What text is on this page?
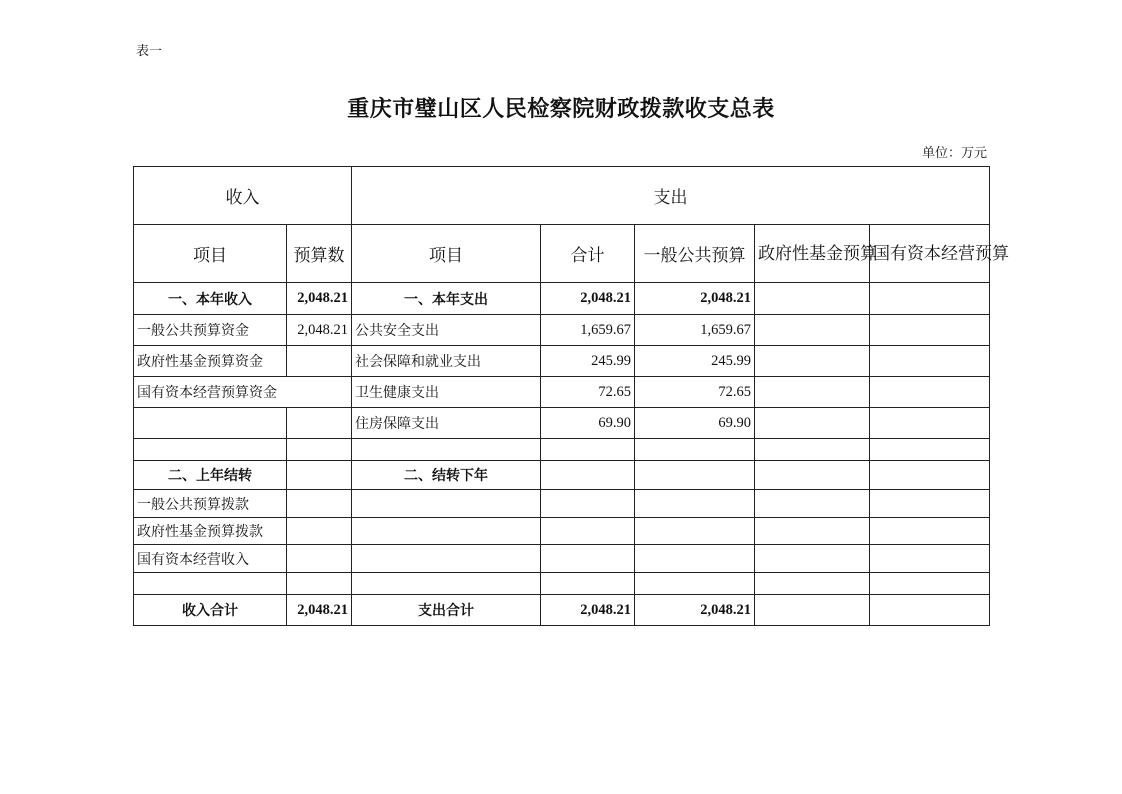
表一
重庆市璧山区人民检察院财政拨款收支总表
单位：万元
收入		支出				
项目	预算数	项目	合计	一般公共预算	政府性基金预算	国有资本经营预算
一、本年收入	2,048.21	一、本年支出	2,048.21	2,048.21		
一般公共预算资金	2,048.21	公共安全支出	1,659.67	1,659.67		
政府性基金预算资金		社会保障和就业支出	245.99	245.99		
国有资本经营预算资金		卫生健康支出	72.65	72.65		
		住房保障支出	69.90	69.90		

二、上年结转		二、结转下年				
一般公共预算拨款						
政府性基金预算拨款						
国有资本经营收入						

收入合计	2,048.21	支出合计	2,048.21	2,048.21		
